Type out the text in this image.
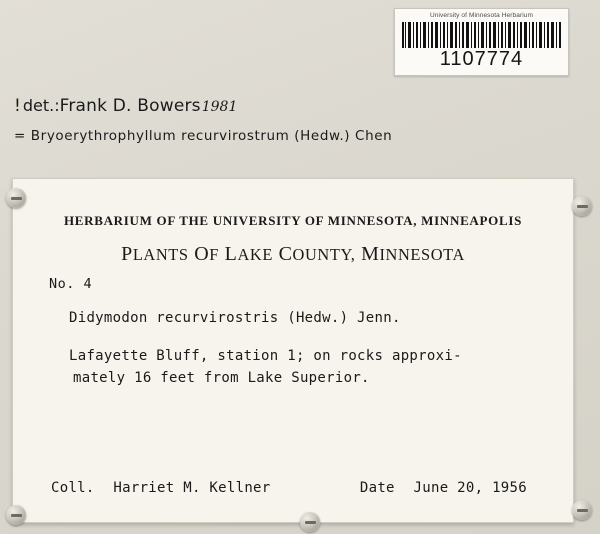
University of Minnesota Herbarium
1107774
! det.:Frank D. Bowers1981
= Bryoerythrophyllum recurvirostrum (Hedw.) Chen
HERBARIUM OF THE UNIVERSITY OF MINNESOTA, MINNEAPOLIS
PLANTS OF LAKE COUNTY, MINNESOTA
No. 4
Didymodon recurvirostris (Hedw.) Jenn.
Lafayette Bluff, station 1; on rocks approxi-
mately 16 feet from Lake Superior.
Coll. Harriet M. Kellner	Date June 20, 1956
